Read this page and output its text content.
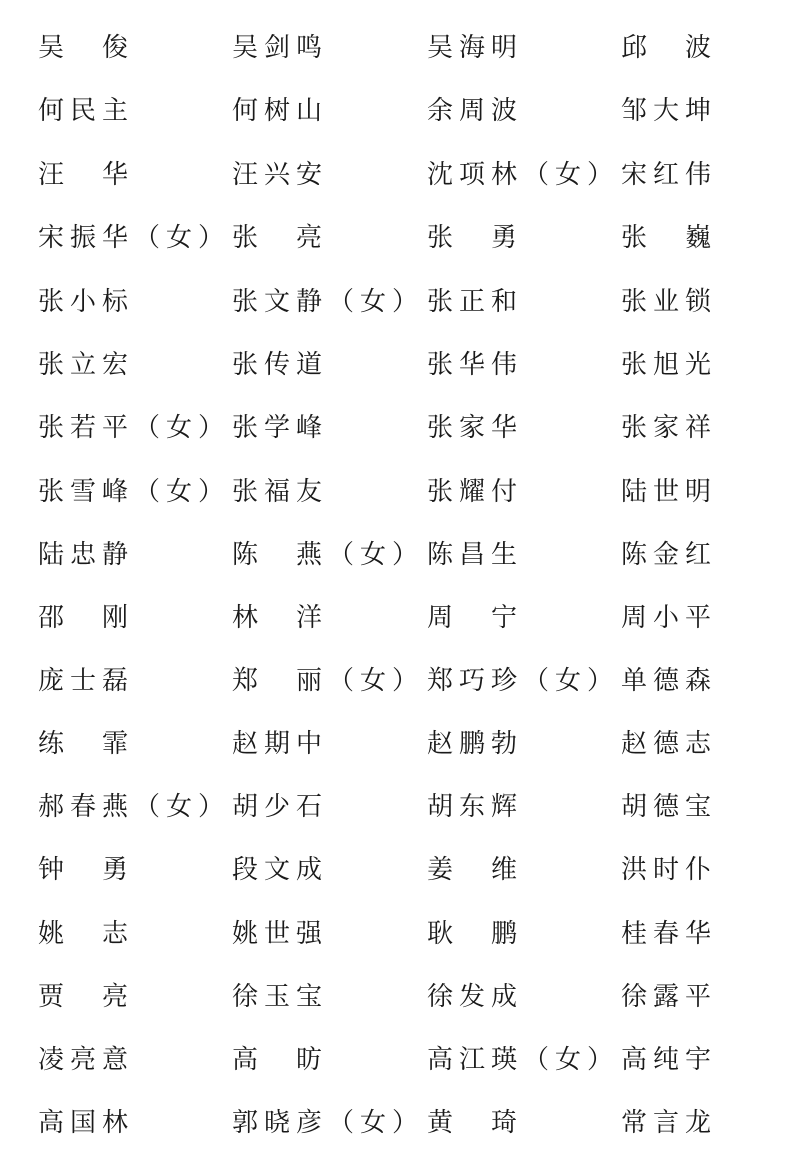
吴　俊	吴剑鸣	吴海明	邱　波
何民主	何树山	余周波	邹大坤
汪　华	汪兴安	沈项林（女） 宋红伟
宋振华（女） 张　亮	张　勇	张　巍
张小标	张文静（女） 张正和	张业锁
张立宏	张传道	张华伟	张旭光
张若平（女） 张学峰	张家华	张家祥
张雪峰（女） 张福友	张耀付	陆世明
陆忠静	陈　燕（女） 陈昌生	陈金红
邵　刚	林　洋	周　宁	周小平
庞士磊	郑　丽（女） 郑巧珍（女） 单德森
练　霏	赵期中	赵鹏勃	赵德志
郝春燕（女） 胡少石	胡东辉	胡德宝
钟　勇	段文成	姜　维	洪时仆
姚　志	姚世强	耿　鹏	桂春华
贾　亮	徐玉宝	徐发成	徐露平
凌亮意	高　昉	高江瑛（女） 高纯宇
高国林	郭晓彦（女） 黄　琦	常言龙
